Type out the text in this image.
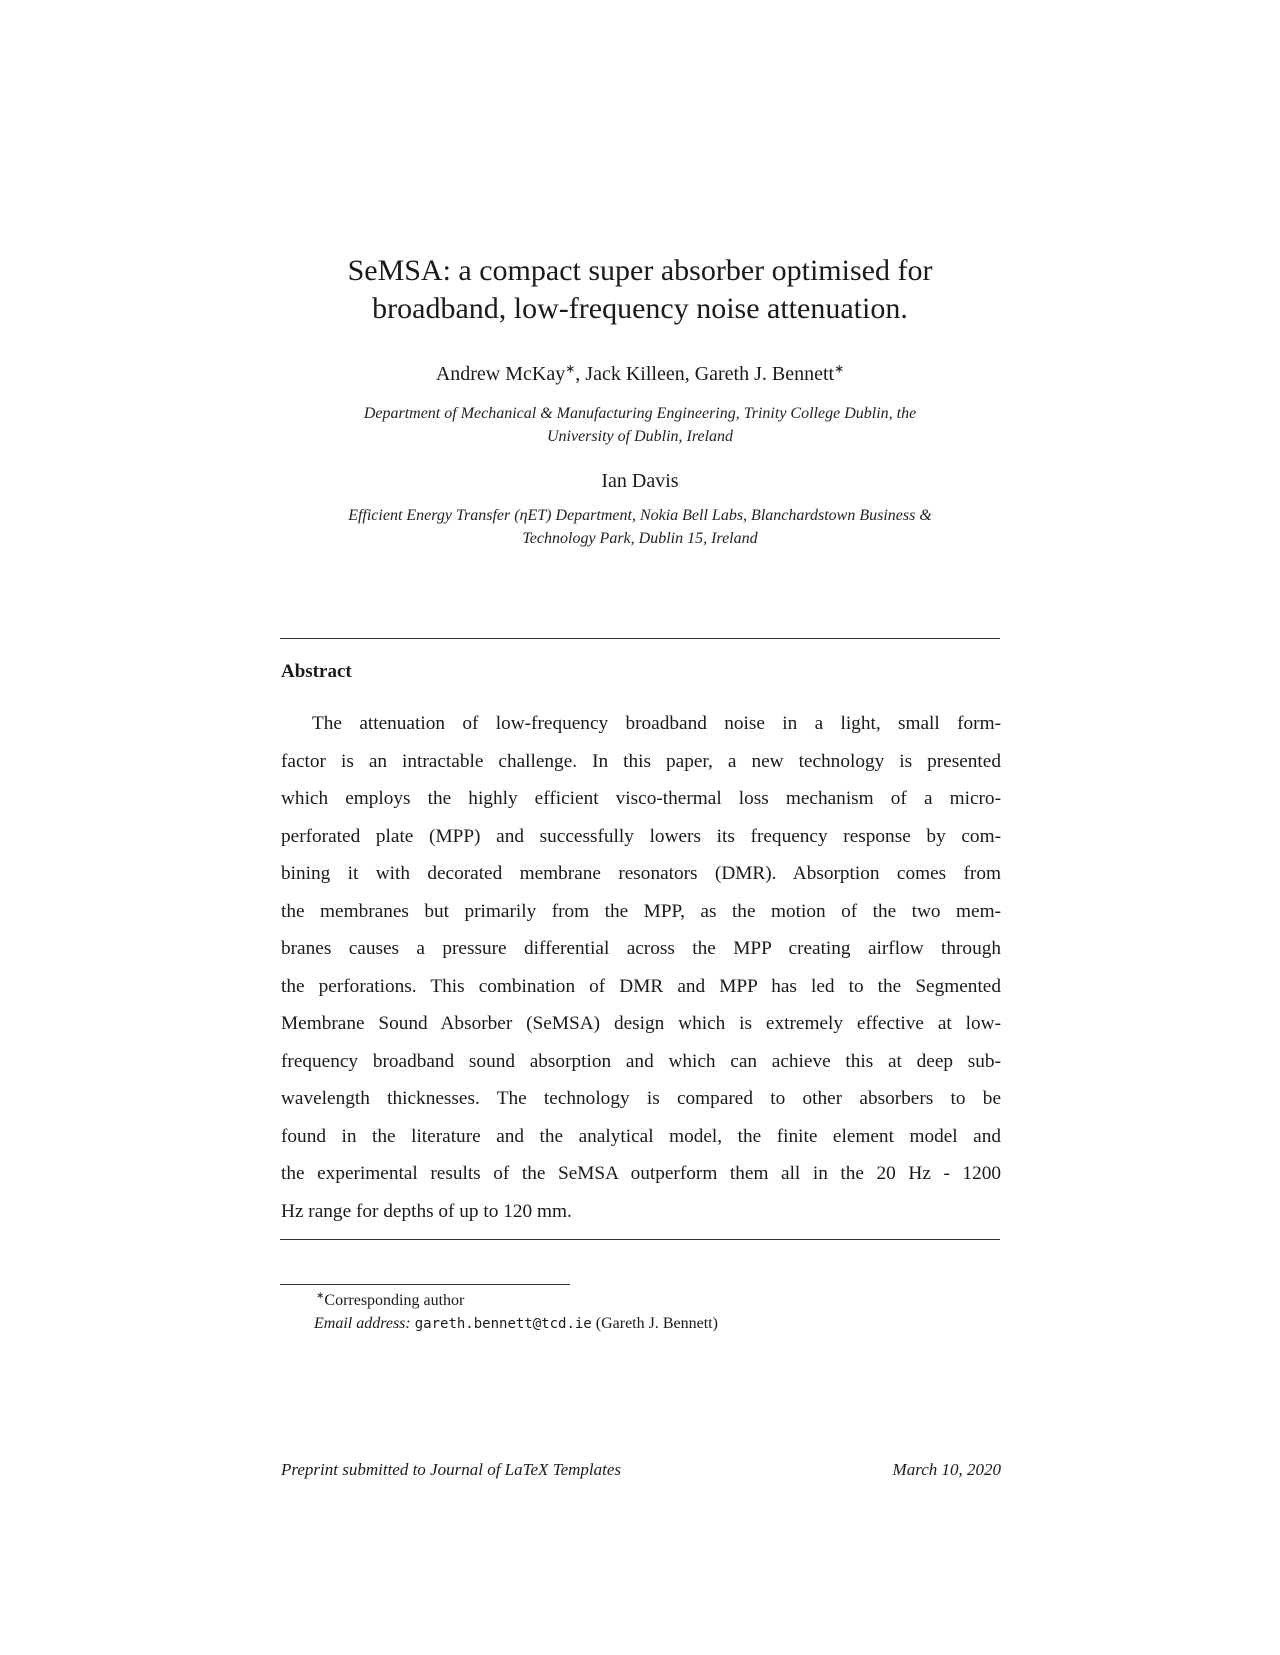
SeMSA: a compact super absorber optimised for
broadband, low-frequency noise attenuation.
Andrew McKay∗, Jack Killeen, Gareth J. Bennett∗
Department of Mechanical & Manufacturing Engineering, Trinity College Dublin, the
University of Dublin, Ireland
Ian Davis
Efficient Energy Transfer (ηET) Department, Nokia Bell Labs, Blanchardstown Business &
Technology Park, Dublin 15, Ireland
Abstract
The attenuation of low-frequency broadband noise in a light, small form-
factor is an intractable challenge. In this paper, a new technology is presented
which employs the highly efficient visco-thermal loss mechanism of a micro-
perforated plate (MPP) and successfully lowers its frequency response by com-
bining it with decorated membrane resonators (DMR). Absorption comes from
the membranes but primarily from the MPP, as the motion of the two mem-
branes causes a pressure differential across the MPP creating airflow through
the perforations. This combination of DMR and MPP has led to the Segmented
Membrane Sound Absorber (SeMSA) design which is extremely effective at low-
frequency broadband sound absorption and which can achieve this at deep sub-
wavelength thicknesses. The technology is compared to other absorbers to be
found in the literature and the analytical model, the finite element model and
the experimental results of the SeMSA outperform them all in the 20 Hz - 1200
Hz range for depths of up to 120 mm.
∗Corresponding author
Email address: gareth.bennett@tcd.ie (Gareth J. Bennett)
Preprint submitted to Journal of LaTeX Templates	March 10, 2020
